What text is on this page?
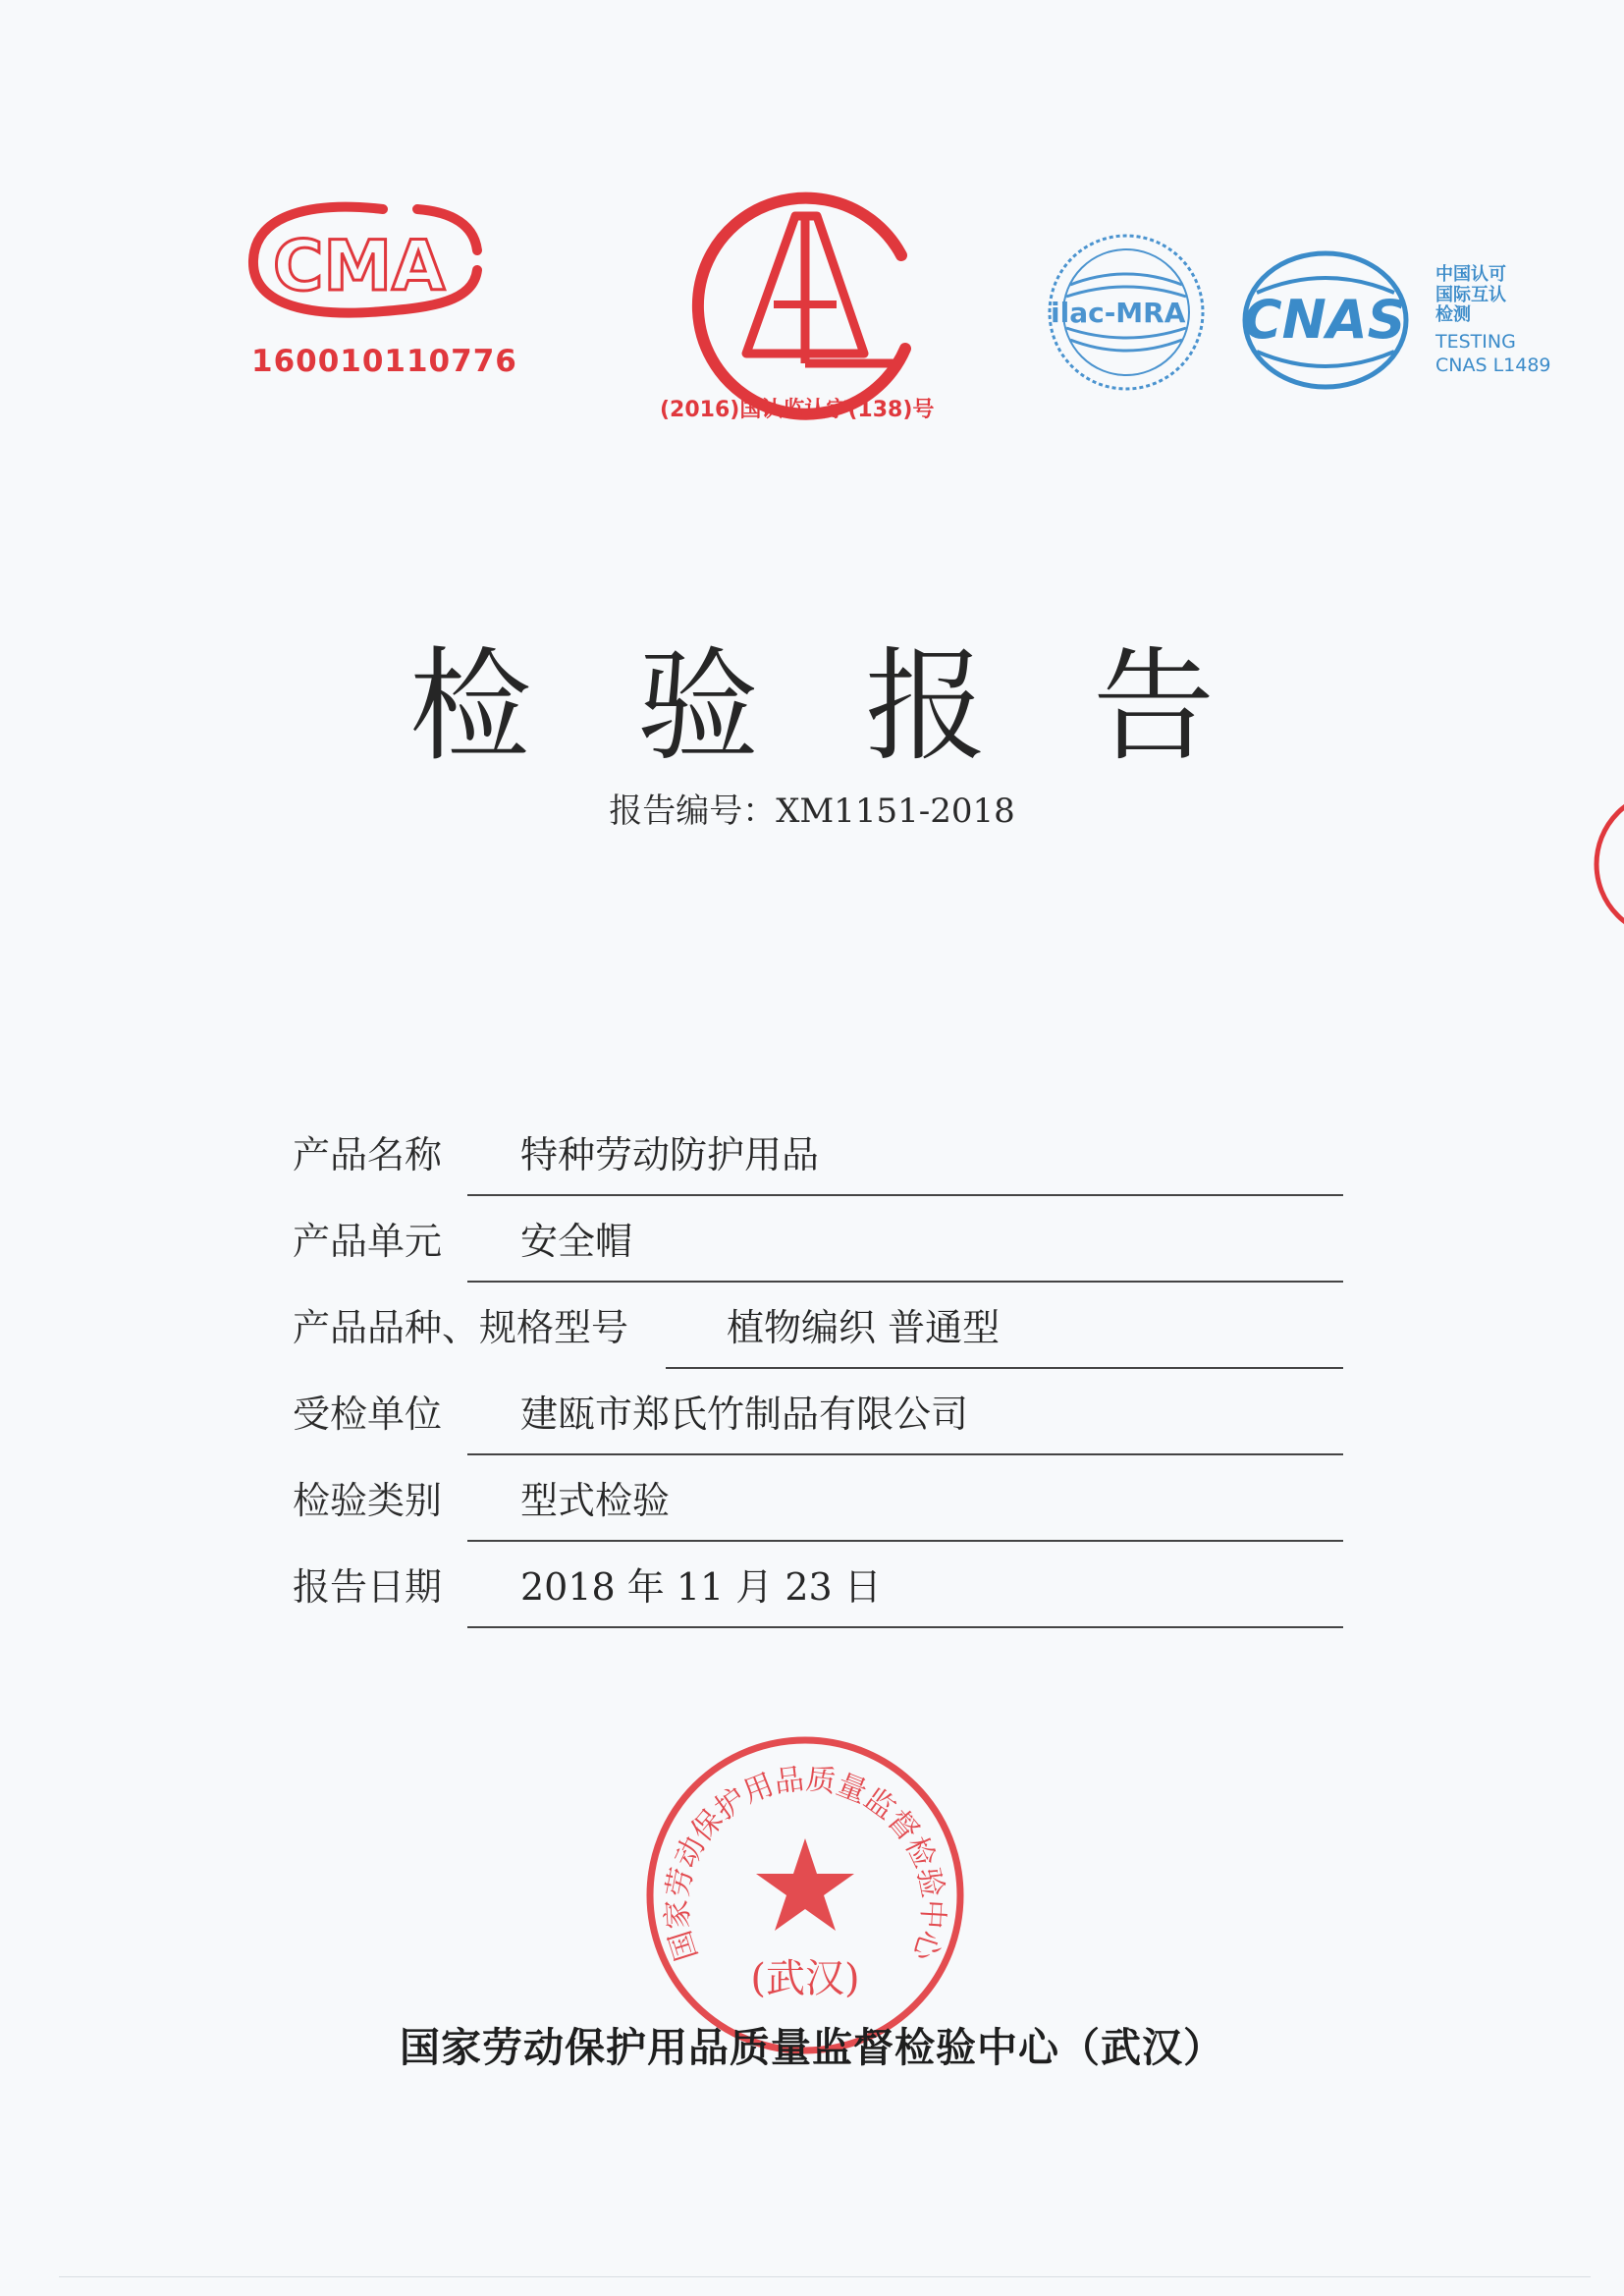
CMA
160010110776
(2016)国认监认字(138)号
ilac-MRA CNAS
中国认可
国际互认
检测
TESTING
CNAS L1489
检验报告
报告编号：XM1151-2018
产品名称 特种劳动防护用品
产品单元 安全帽
产品品种、规格型号	植物编织 普通型
受检单位 建瓯市郑氏竹制品有限公司
检验类别 型式检验
报告日期 2018 年 11 月 23 日
国家劳动保护用品质量监督检验中心
(武汉)
国家劳动保护用品质量监督检验中心（武汉）
